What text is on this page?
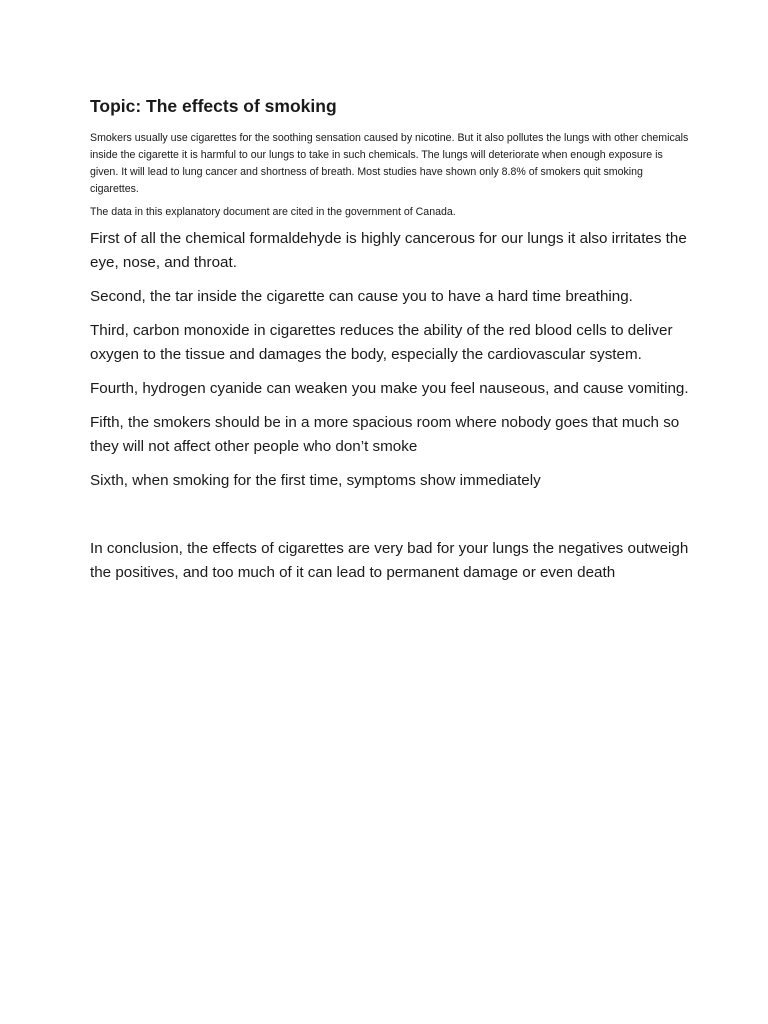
Topic: The effects of smoking

Smokers usually use cigarettes for the soothing sensation caused by nicotine. But it also pollutes the lungs with other chemicals inside the cigarette it is harmful to our lungs to take in such chemicals. The lungs will deteriorate when enough exposure is given. It will lead to lung cancer and shortness of breath. Most studies have shown only 8.8% of smokers quit smoking cigarettes.

The data in this explanatory document are cited in the government of Canada.

First of all the chemical formaldehyde is highly cancerous for our lungs it also irritates the eye, nose, and throat.

Second, the tar inside the cigarette can cause you to have a hard time breathing.

Third, carbon monoxide in cigarettes reduces the ability of the red blood cells to deliver oxygen to the tissue and damages the body, especially the cardiovascular system.

Fourth, hydrogen cyanide can weaken you make you feel nauseous, and cause vomiting.

Fifth, the smokers should be in a more spacious room where nobody goes that much so they will not affect other people who don’t smoke

Sixth, when smoking for the first time, symptoms show immediately

In conclusion, the effects of cigarettes are very bad for your lungs the negatives outweigh the positives, and too much of it can lead to permanent damage or even death
